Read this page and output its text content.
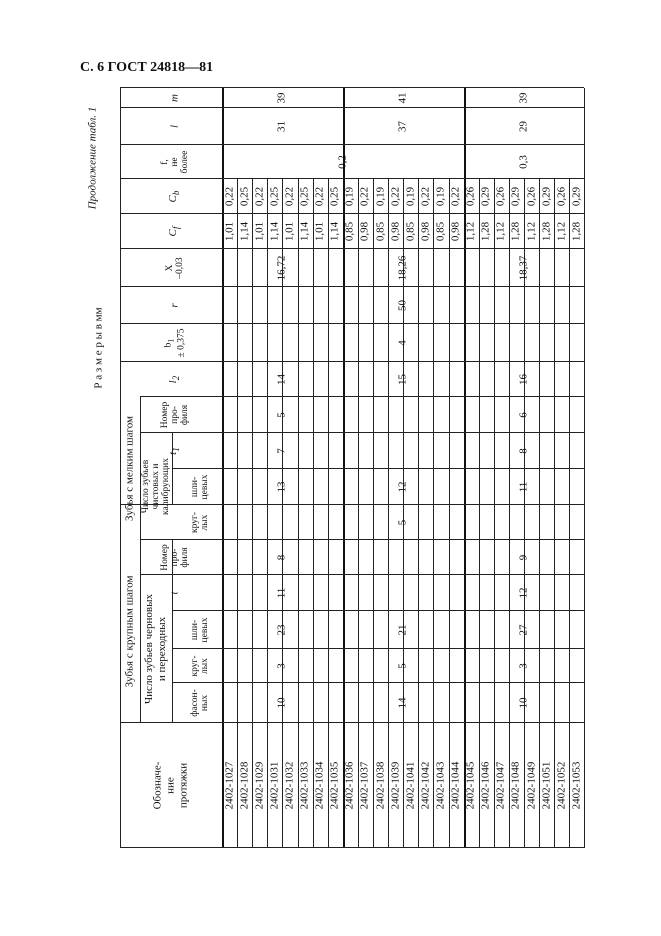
С. 6 ГОСТ 24818—81
Продолжение табл. 1
Р а з м е р ы в мм
Обозначе-
ние
протяжки
Зубья с крупным шагом Число зубьев черновых
и переходных
фасон-
ных
круг-
лых
шли-
цевых
t
Номер
про-
филя
Зубья с мелким шагом Число зубьев
чистовых и
калибрующих
круг-
лых
шли-
цевых
$t_1$
Номер
про-
филя
$l_2$
$b_1$
± 0,375
r
X
–0,03
$C_f$
$C_b$
f,
не
более
l
m
2402-1027
1,01
0,22
2402-1028
1,14
0,25
2402-1029
1,01
0,22
2402-1031
1,14
0,25
2402-1032
1,01
0,22
2402-1033
1,14
0,25
2402-1034
1,01
0,22
2402-1035
1,14
0,25
2402-1036
0,85
0,19
2402-1037
0,98
0,22
2402-1038
0,85
0,19
2402-1039
0,98
0,22
2402-1041
0,85
0,19
2402-1042
0,98
0,22
2402-1043
0,85
0,19
2402-1044
0,98
0,22
2402-1045
1,12
0,26
2402-1046
1,28
0,29
2402-1047
1,12
0,26
2402-1048
1,28
0,29
2402-1049
1,12
0,26
2402-1051
1,28
0,29
2402-1052
1,12
0,26
2402-1053
1,28
0,29
10
3
23
11
8
13
7
5
14
16,72
31
39
14
5
21
12
15
18,26
37
41
10
3
27
12
9
11
8
6
16
18,37
29
39
5
4
50
0,2	0,3
